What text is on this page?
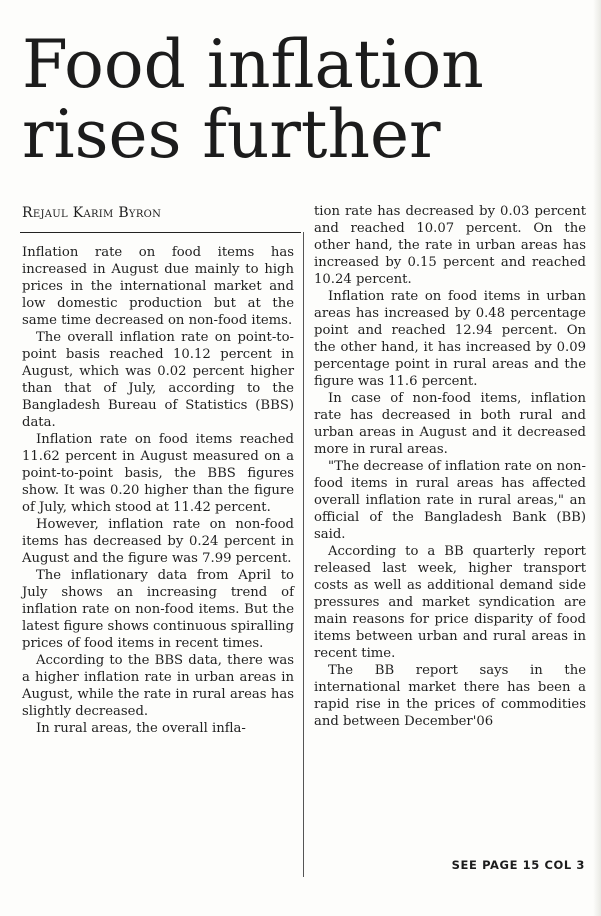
Food inflation
rises further
Rejaul Karim Byron

Inflation rate on food items has increased in August due mainly to high prices in the international market and low domestic production but at the same time decreased on non-food items.

The overall inflation rate on point-to-point basis reached 10.12 percent in August, which was 0.02 percent higher than that of July, according to the Bangladesh Bureau of Statistics (BBS) data.

Inflation rate on food items reached 11.62 percent in August measured on a point-to-point basis, the BBS figures show. It was 0.20 higher than the figure of July, which stood at 11.42 percent.

However, inflation rate on non-food items has decreased by 0.24 percent in August and the figure was 7.99 percent.

The inflationary data from April to July shows an increasing trend of inflation rate on non-food items. But the latest figure shows continuous spiralling prices of food items in recent times.

According to the BBS data, there was a higher inflation rate in urban areas in August, while the rate in rural areas has slightly decreased.

In rural areas, the overall infla-

tion rate has decreased by 0.03 percent and reached 10.07 percent. On the other hand, the rate in urban areas has increased by 0.15 percent and reached 10.24 percent.

Inflation rate on food items in urban areas has increased by 0.48 percentage point and reached 12.94 percent. On the other hand, it has increased by 0.09 percentage point in rural areas and the figure was 11.6 percent.

In case of non-food items, inflation rate has decreased in both rural and urban areas in August and it decreased more in rural areas.

"The decrease of inflation rate on non-food items in rural areas has affected overall inflation rate in rural areas," an official of the Bangladesh Bank (BB) said.

According to a BB quarterly report released last week, higher transport costs as well as additional demand side pressures and market syndication are main reasons for price disparity of food items between urban and rural areas in recent time.

The BB report says in the international market there has been a rapid rise in the prices of commodities and between December'06

SEE PAGE 15 COL 3
